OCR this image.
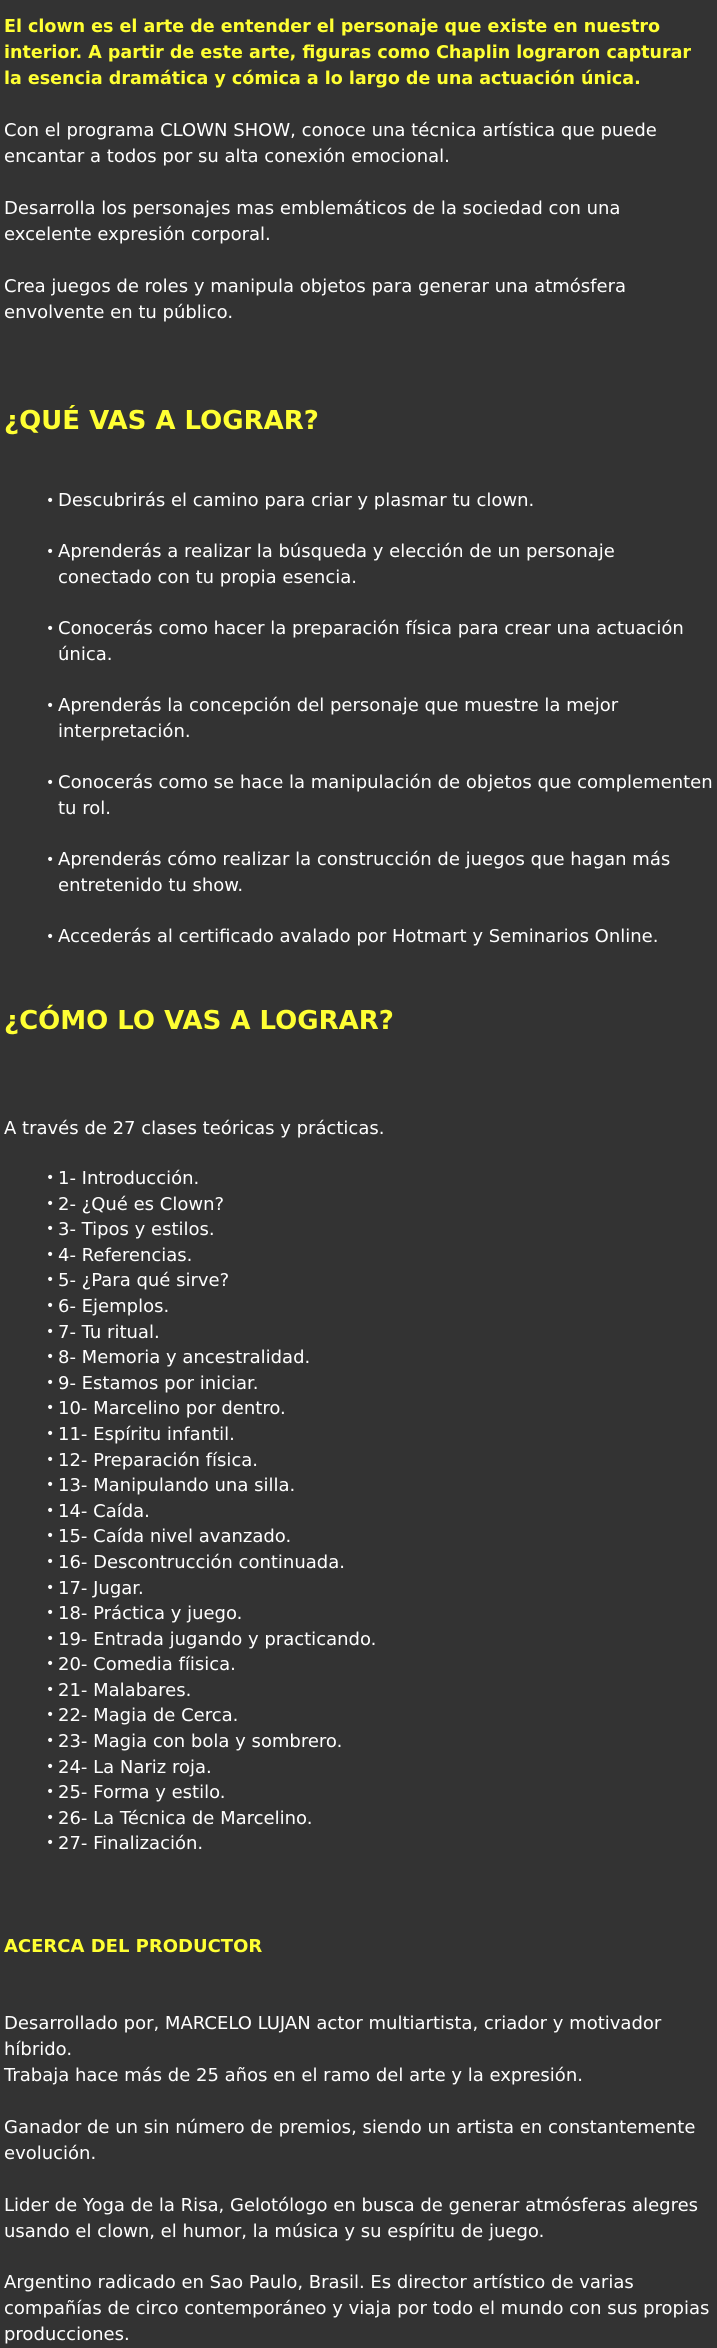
El clown es el arte de entender el personaje que existe en nuestro interior. A partir de este arte, figuras como Chaplin lograron capturar la esencia dramática y cómica a lo largo de una actuación única.

Con el programa CLOWN SHOW, conoce una técnica artística que puede encantar a todos por su alta conexión emocional.

Desarrolla los personajes mas emblemáticos de la sociedad con una excelente expresión corporal.

Crea juegos de roles y manipula objetos para generar una atmósfera envolvente en tu público.

¿QUÉ VAS A LOGRAR?
• Descubrirás el camino para criar y plasmar tu clown.
• Aprenderás a realizar la búsqueda y elección de un personaje conectado con tu propia esencia.
• Conocerás como hacer la preparación física para crear una actuación única.
• Aprenderás la concepción del personaje que muestre la mejor interpretación.
• Conocerás como se hace la manipulación de objetos que complementen tu rol.
• Aprenderás cómo realizar la construcción de juegos que hagan más entretenido tu show.
• Accederás al certificado avalado por Hotmart y Seminarios Online.
¿CÓMO LO VAS A LOGRAR?

A través de 27 clases teóricas y prácticas.

• 1- Introducción.
• 2- ¿Qué es Clown?
• 3- Tipos y estilos.
• 4- Referencias.
• 5- ¿Para qué sirve?
• 6- Ejemplos.
• 7- Tu ritual.
• 8- Memoria y ancestralidad.
• 9- Estamos por iniciar.
• 10- Marcelino por dentro.
• 11- Espíritu infantil.
• 12- Preparación física.
• 13- Manipulando una silla.
• 14- Caída.
• 15- Caída nivel avanzado.
• 16- Descontrucción continuada.
• 17- Jugar.
• 18- Práctica y juego.
• 19- Entrada jugando y practicando.
• 20- Comedia fíisica.
• 21- Malabares.
• 22- Magia de Cerca.
• 23- Magia con bola y sombrero.
• 24- La Nariz roja.
• 25- Forma y estilo.
• 26- La Técnica de Marcelino.
• 27- Finalización.
ACERCA DEL PRODUCTOR

Desarrollado por, MARCELO LUJAN actor multiartista, criador y motivador híbrido.

Trabaja hace más de 25 años en el ramo del arte y la expresión.

Ganador de un sin número de premios, siendo un artista en constantemente evolución.

Lider de Yoga de la Risa, Gelotólogo en busca de generar atmósferas alegres usando el clown, el humor, la música y su espíritu de juego.

Argentino radicado en Sao Paulo, Brasil. Es director artístico de varias compañías de circo contemporáneo y viaja por todo el mundo con sus propias producciones.
